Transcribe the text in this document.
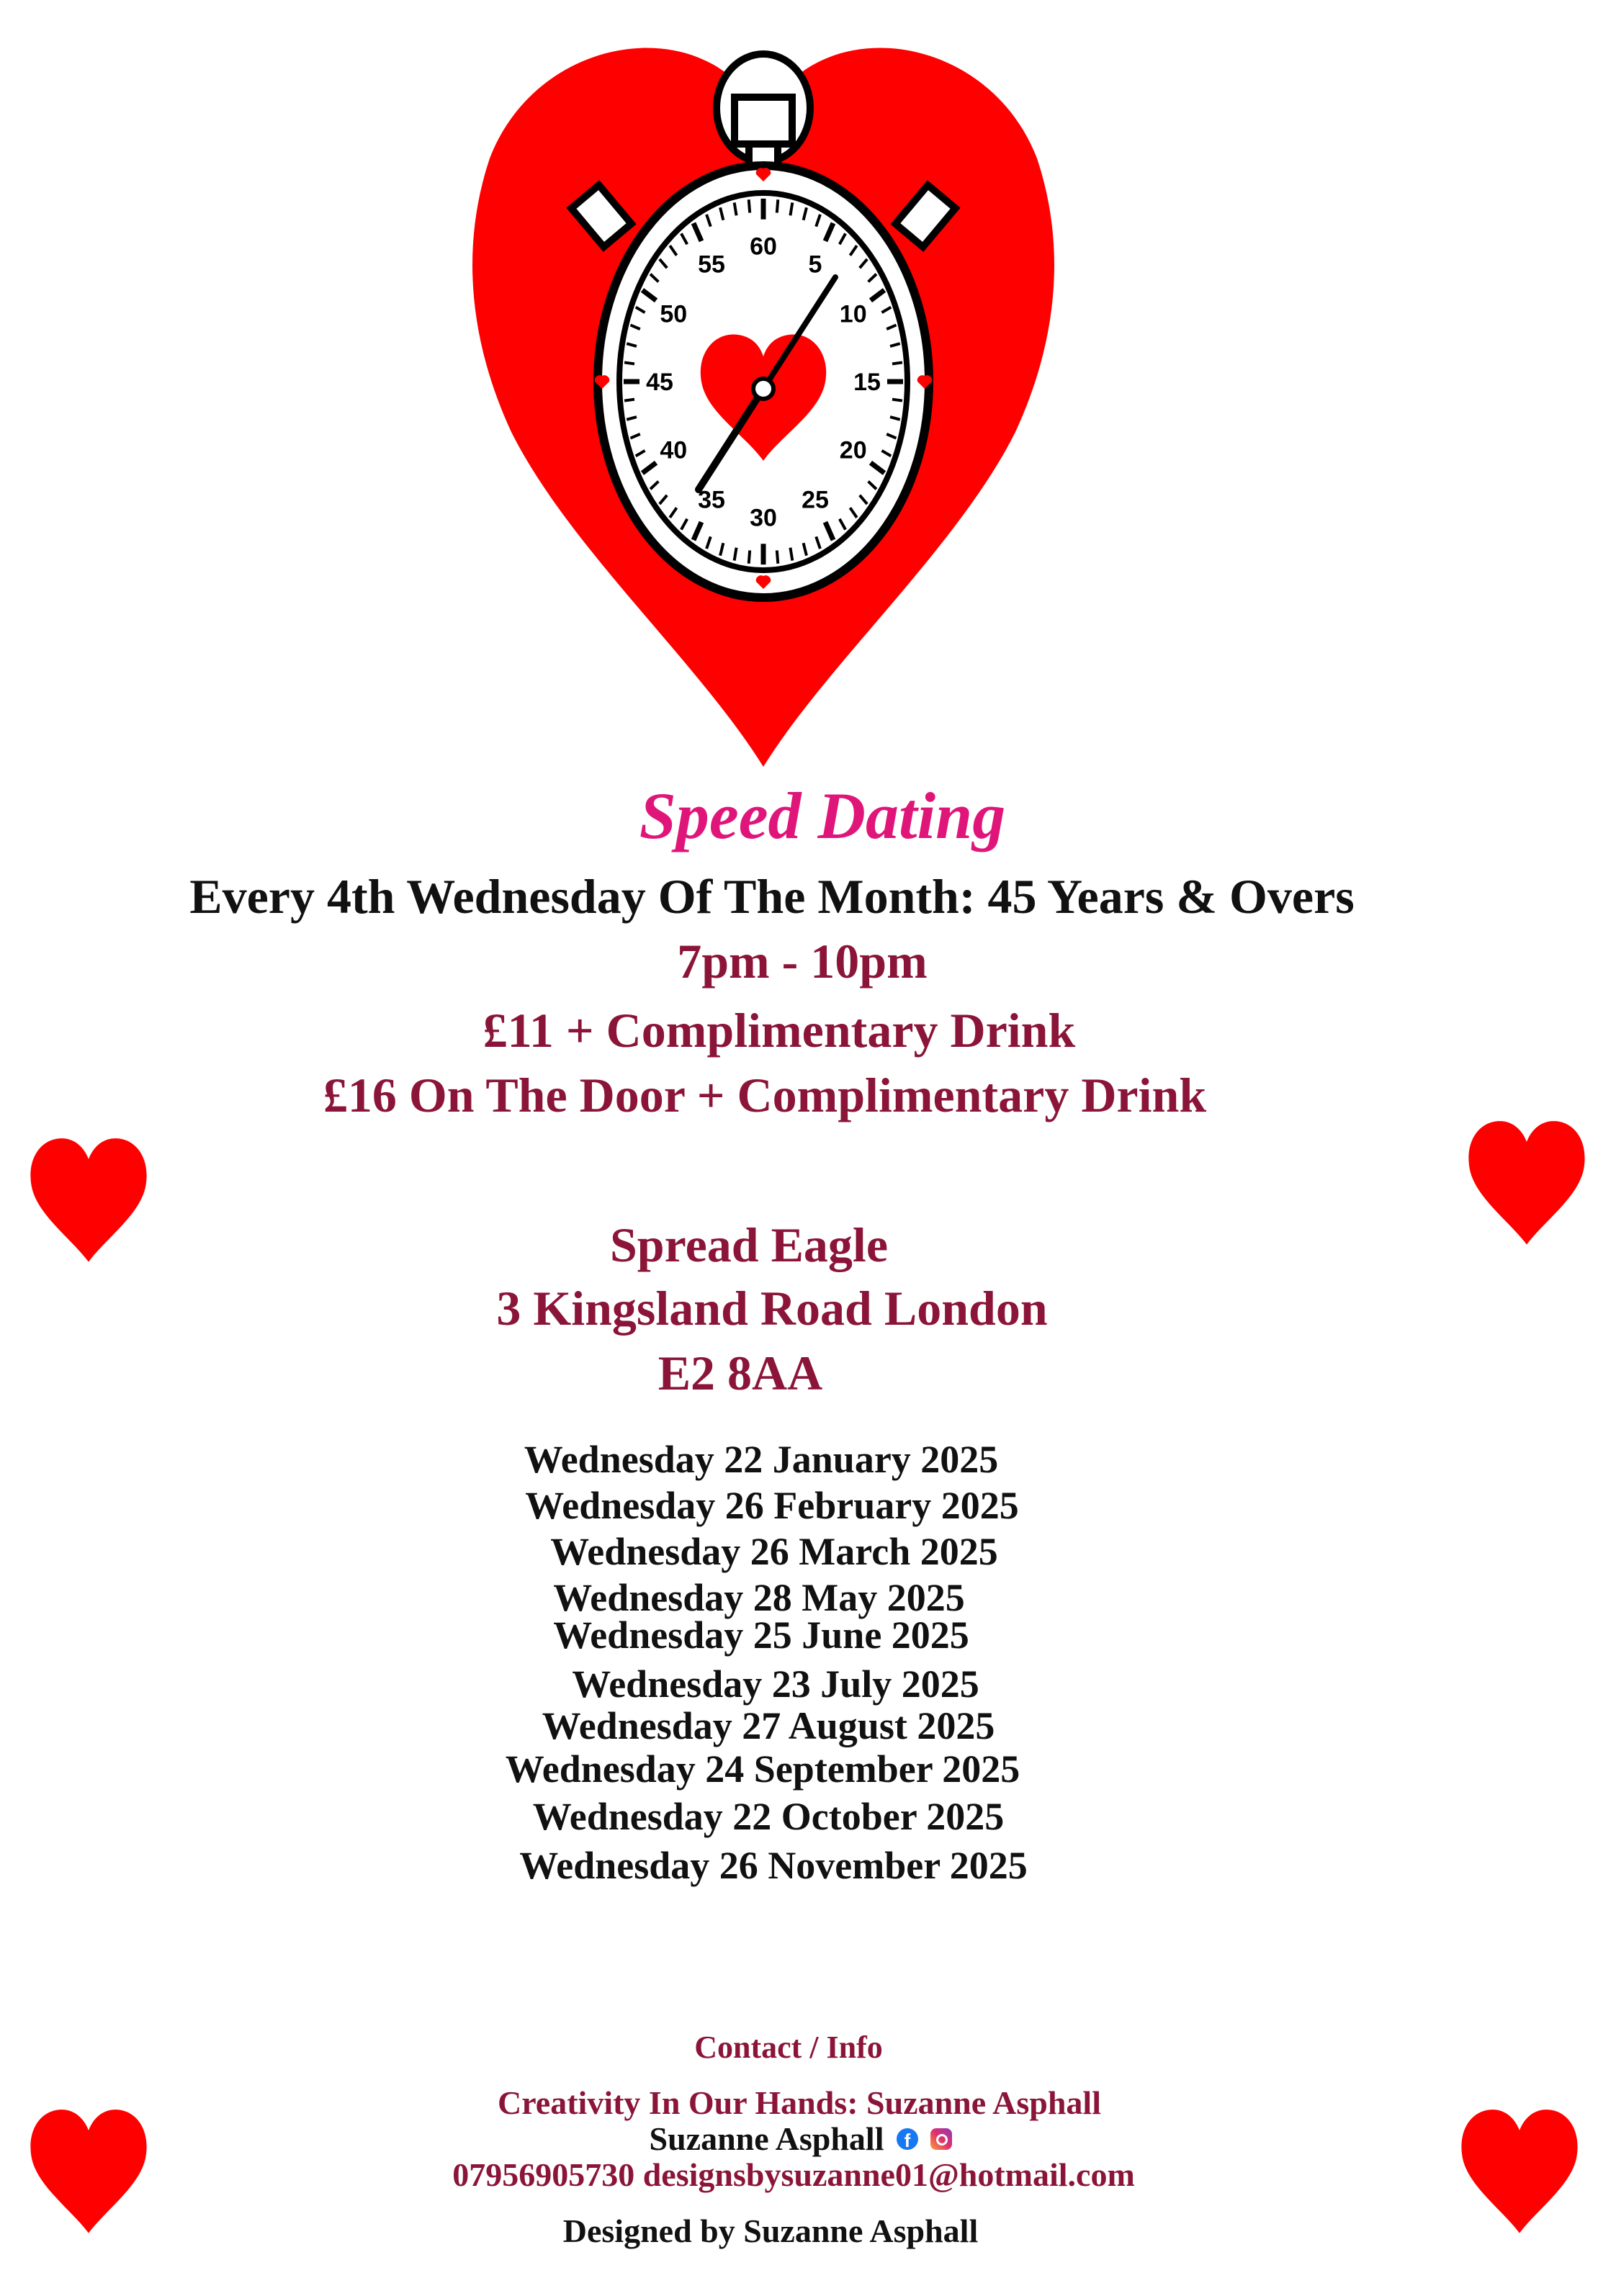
60
5
10
15
20
25
30
35
40
45
50
55
Speed Dating
Every 4th Wednesday Of The Month: 45 Years & Overs
7pm - 10pm
£11 + Complimentary Drink
£16 On The Door + Complimentary Drink
Spread Eagle
3 Kingsland Road London
E2 8AA
Wednesday 22 January 2025
Wednesday 26 February 2025
Wednesday 26 March 2025
Wednesday 28 May 2025
Wednesday 25 June 2025
Wednesday 23 July 2025
Wednesday 27 August 2025
Wednesday 24 September 2025
Wednesday 22 October 2025
Wednesday 26 November 2025
Contact / Info
Creativity In Our Hands: Suzanne Asphall
Suzanne Asphall f
07956905730 designsbysuzanne01@hotmail.com
Designed by Suzanne Asphall
